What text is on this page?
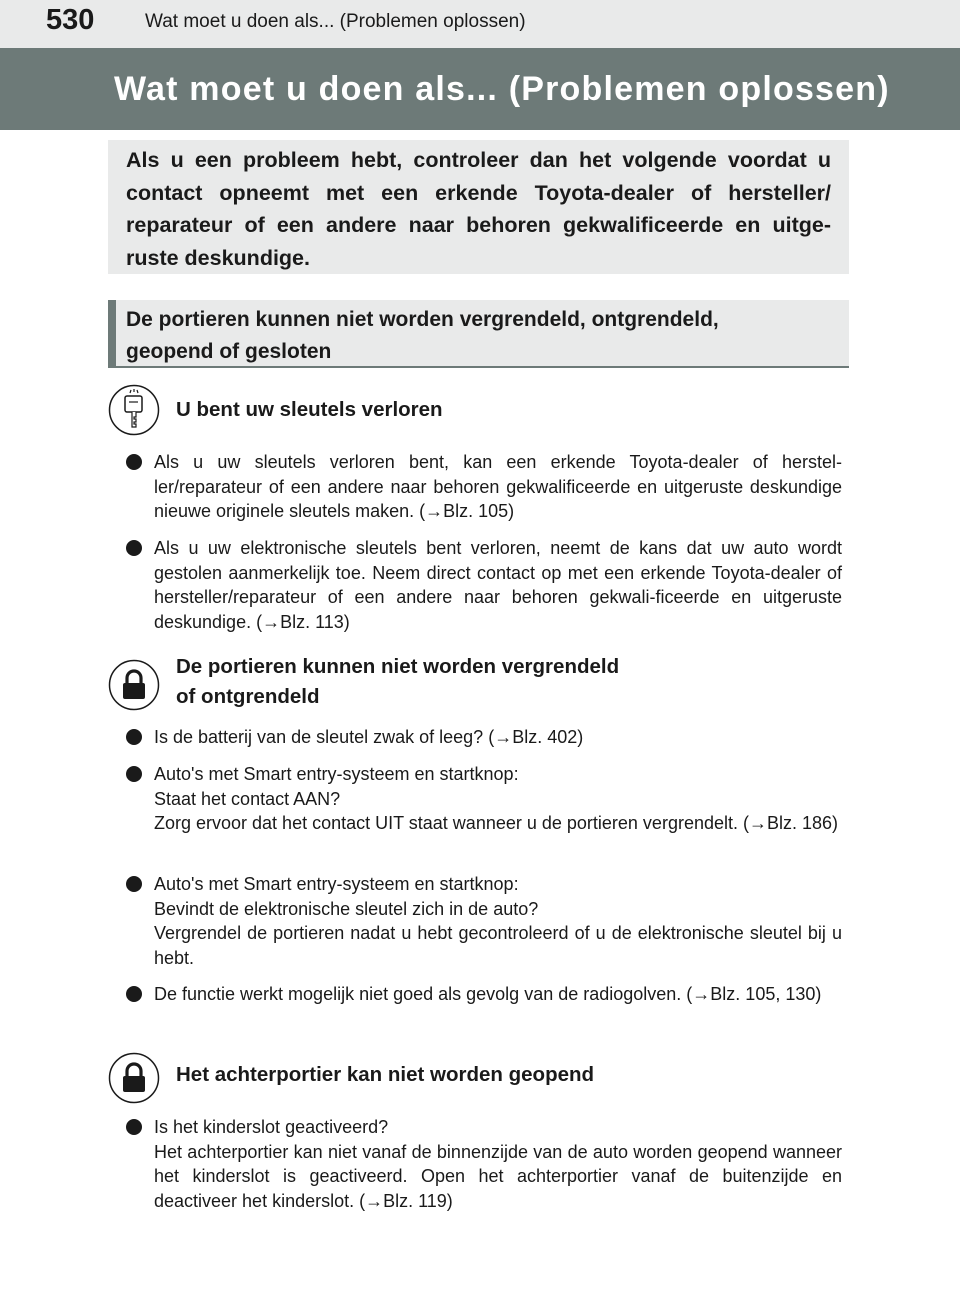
530	Wat moet u doen als... (Problemen oplossen)
Wat moet u doen als... (Problemen oplossen)

Als u een probleem hebt, controleer dan het volgende voordat u contact opneemt met een erkende Toyota-dealer of hersteller/ reparateur of een andere naar behoren gekwalificeerde en uitge-ruste deskundige.

De portieren kunnen niet worden vergrendeld, ontgrendeld,
geopend of gesloten

U bent uw sleutels verloren
Als u uw sleutels verloren bent, kan een erkende Toyota-dealer of herstel-ler/reparateur of een andere naar behoren gekwalificeerde en uitgeruste deskundige nieuwe originele sleutels maken. (→Blz. 105)
Als u uw elektronische sleutels bent verloren, neemt de kans dat uw auto wordt gestolen aanmerkelijk toe. Neem direct contact op met een erkende Toyota-dealer of hersteller/reparateur of een andere naar behoren gekwali-ficeerde en uitgeruste deskundige. (→Blz. 113)
De portieren kunnen niet worden vergrendeld
of ontgrendeld
Is de batterij van de sleutel zwak of leeg? (→Blz. 402)
Auto's met Smart entry-systeem en startknop:
Staat het contact AAN?
Zorg ervoor dat het contact UIT staat wanneer u de portieren vergrendelt. (→Blz. 186)
Auto's met Smart entry-systeem en startknop:
Bevindt de elektronische sleutel zich in de auto?
Vergrendel de portieren nadat u hebt gecontroleerd of u de elektronische sleutel bij u hebt.
De functie werkt mogelijk niet goed als gevolg van de radiogolven. (→Blz. 105, 130)
Het achterportier kan niet worden geopend
Is het kinderslot geactiveerd?
Het achterportier kan niet vanaf de binnenzijde van de auto worden geopend wanneer het kinderslot is geactiveerd. Open het achterportier vanaf de buitenzijde en deactiveer het kinderslot. (→Blz. 119)
